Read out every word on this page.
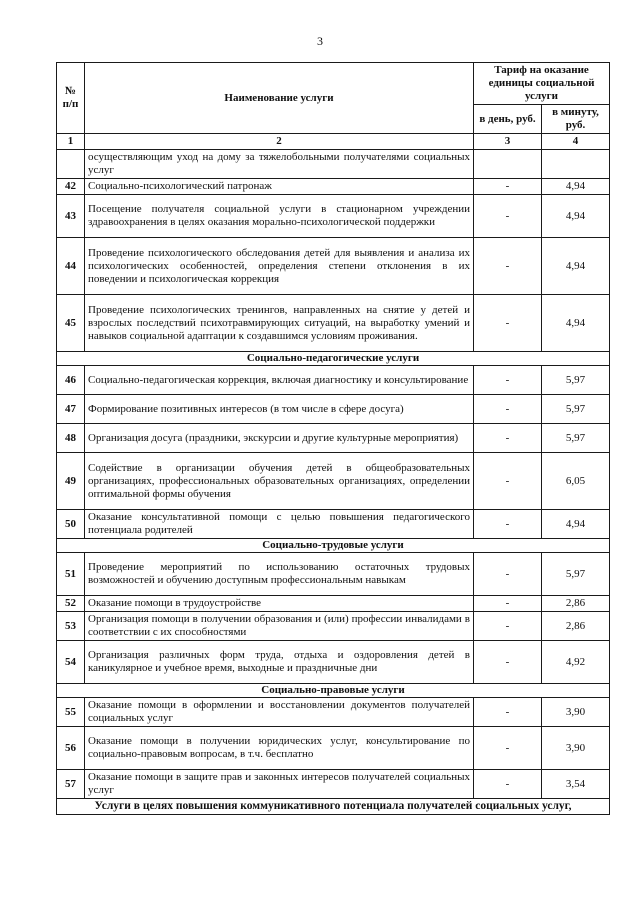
3
№ п/п	Наименование услуги	Тариф на оказание единицы социальной услуги	
		в день, руб.	в минуту, руб.
1	2	3	4
	осуществляющим уход на дому за тяжелобольными получателями социальных услуг		
42	Социально-психологический патронаж	-	4,94
43	Посещение получателя социальной услуги в стационарном учреждении здравоохранения в целях оказания морально-психологической поддержки	-	4,94
44	Проведение психологического обследования детей для выявления и анализа их психологических особенностей, определения степени отклонения в их поведении и психологическая коррекция	-	4,94
45	Проведение психологических тренингов, направленных на снятие у детей и взрослых последствий психотравмирующих ситуаций, на выработку умений и навыков социальной адаптации к создавшимся условиям проживания.	-	4,94
Социально-педагогические услуги			
46	Социально-педагогическая коррекция, включая диагностику и консультирование	-	5,97
47	Формирование позитивных интересов (в том числе в сфере досуга)	-	5,97
48	Организация досуга (праздники, экскурсии и другие культурные мероприятия)	-	5,97
49	Содействие в организации обучения детей в общеобразовательных организациях, профессиональных образовательных организациях, определении оптимальной формы обучения	-	6,05
50	Оказание консультативной помощи с целью повышения педагогического потенциала родителей	-	4,94
Социально-трудовые услуги			
51	Проведение мероприятий по использованию остаточных трудовых возможностей и обучению доступным профессиональным навыкам	-	5,97
52	Оказание помощи в трудоустройстве	-	2,86
53	Организация помощи в получении образования и (или) профессии инвалидами в соответствии с их способностями	-	2,86
54	Организация различных форм труда, отдыха и оздоровления детей в каникулярное и учебное время, выходные и праздничные дни	-	4,92
Социально-правовые услуги			
55	Оказание помощи в оформлении и восстановлении документов получателей социальных услуг	-	3,90
56	Оказание помощи в получении юридических услуг, консультирование по социально-правовым вопросам, в т.ч. бесплатно	-	3,90
57	Оказание помощи в защите прав и законных интересов получателей социальных услуг	-	3,54
Услуги в целях повышения коммуникативного потенциала получателей социальных услуг,			
